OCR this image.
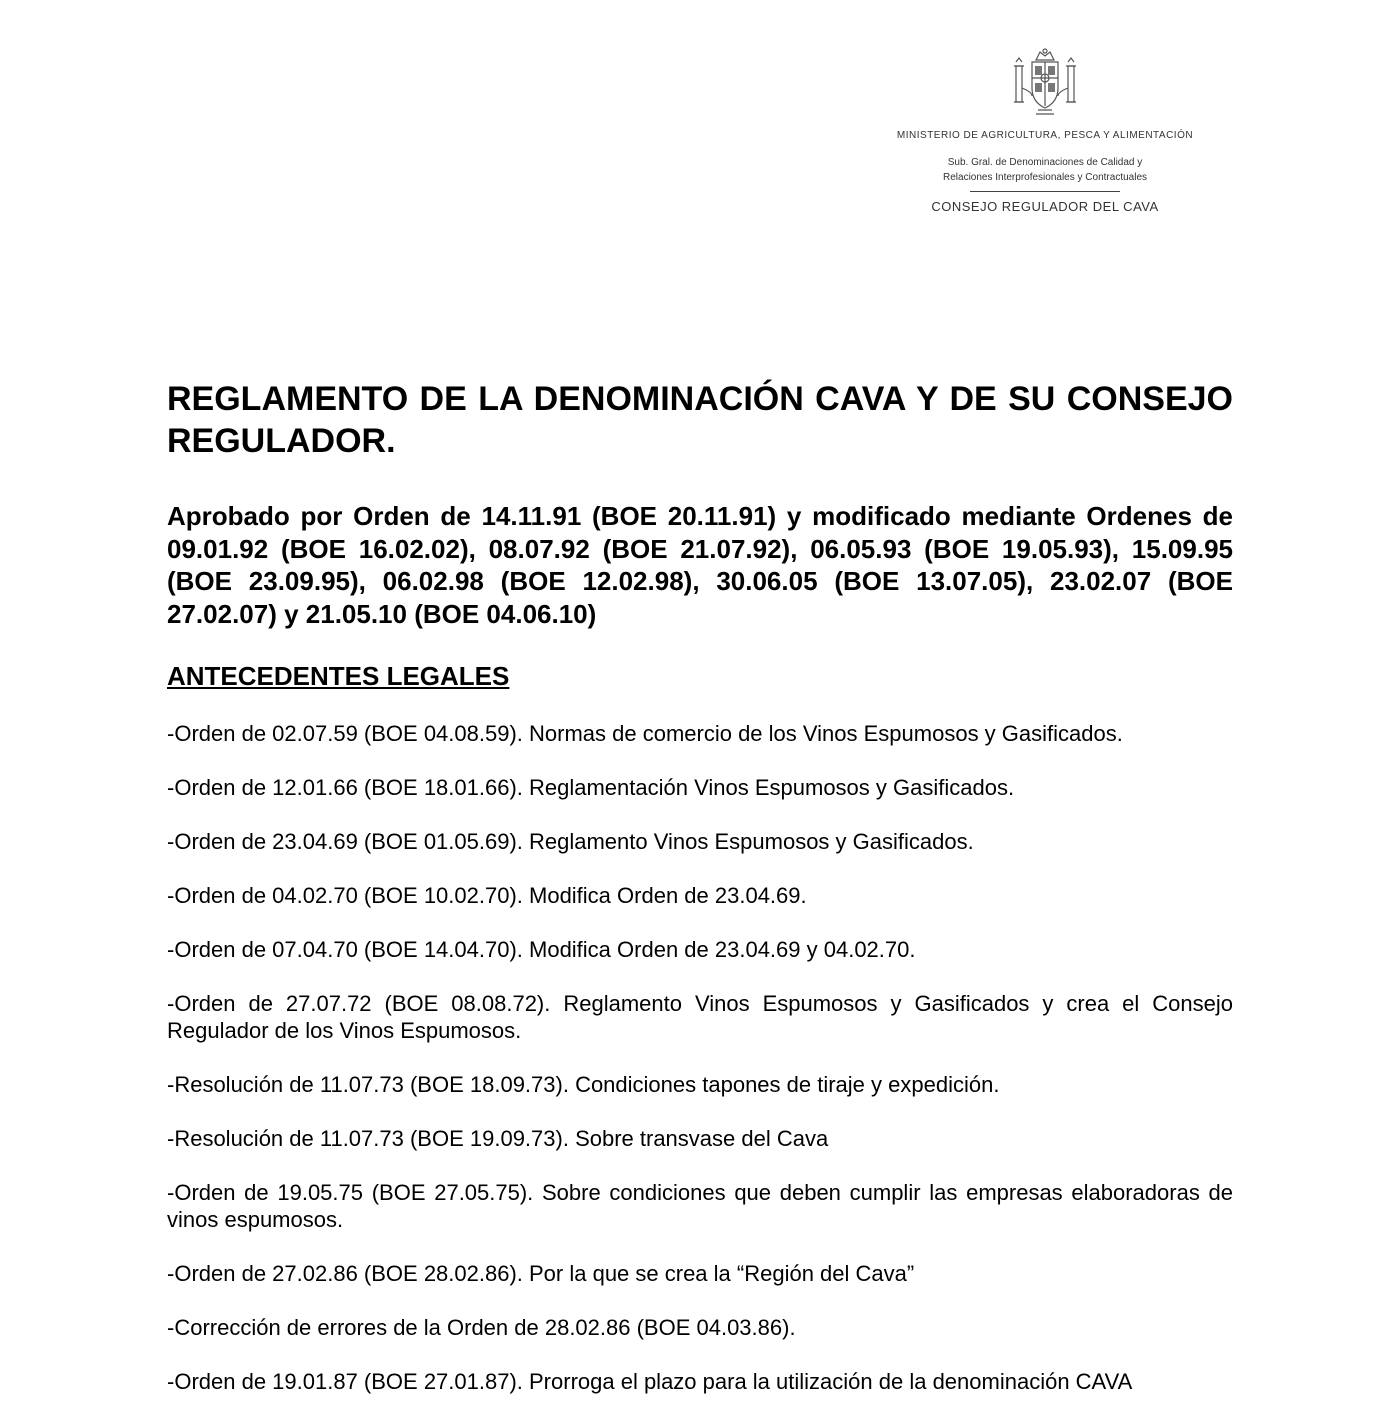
MINISTERIO DE AGRICULTURA, PESCA Y ALIMENTACIÓN
Sub. Gral. de Denominaciones de Calidad y
Relaciones Interprofesionales y Contractuales
CONSEJO REGULADOR DEL CAVA
REGLAMENTO DE LA DENOMINACIÓN CAVA Y DE SU CONSEJO REGULADOR.

Aprobado por Orden de 14.11.91 (BOE 20.11.91) y modificado mediante Ordenes de 09.01.92 (BOE 16.02.02), 08.07.92 (BOE 21.07.92), 06.05.93 (BOE 19.05.93), 15.09.95 (BOE 23.09.95), 06.02.98 (BOE 12.02.98), 30.06.05 (BOE 13.07.05), 23.02.07 (BOE 27.02.07) y 21.05.10 (BOE 04.06.10)

ANTECEDENTES LEGALES
-Orden de 02.07.59 (BOE 04.08.59). Normas de comercio de los Vinos Espumosos y Gasificados.
-Orden de 12.01.66 (BOE 18.01.66). Reglamentación Vinos Espumosos y Gasificados.
-Orden de 23.04.69 (BOE 01.05.69). Reglamento Vinos Espumosos y Gasificados.
-Orden de 04.02.70 (BOE 10.02.70). Modifica Orden de 23.04.69.
-Orden de 07.04.70 (BOE 14.04.70). Modifica Orden de 23.04.69 y 04.02.70.
-Orden de 27.07.72 (BOE 08.08.72). Reglamento Vinos Espumosos y Gasificados y crea el Consejo Regulador de los Vinos Espumosos.
-Resolución de 11.07.73 (BOE 18.09.73). Condiciones tapones de tiraje y expedición.
-Resolución de 11.07.73 (BOE 19.09.73). Sobre transvase del Cava
-Orden de 19.05.75 (BOE 27.05.75). Sobre condiciones que deben cumplir las empresas elaboradoras de vinos espumosos.
-Orden de 27.02.86 (BOE 28.02.86). Por la que se crea la “Región del Cava”
-Corrección de errores de la Orden de 28.02.86 (BOE 04.03.86).
-Orden de 19.01.87 (BOE 27.01.87). Prorroga el plazo para la utilización de la denominación CAVA
